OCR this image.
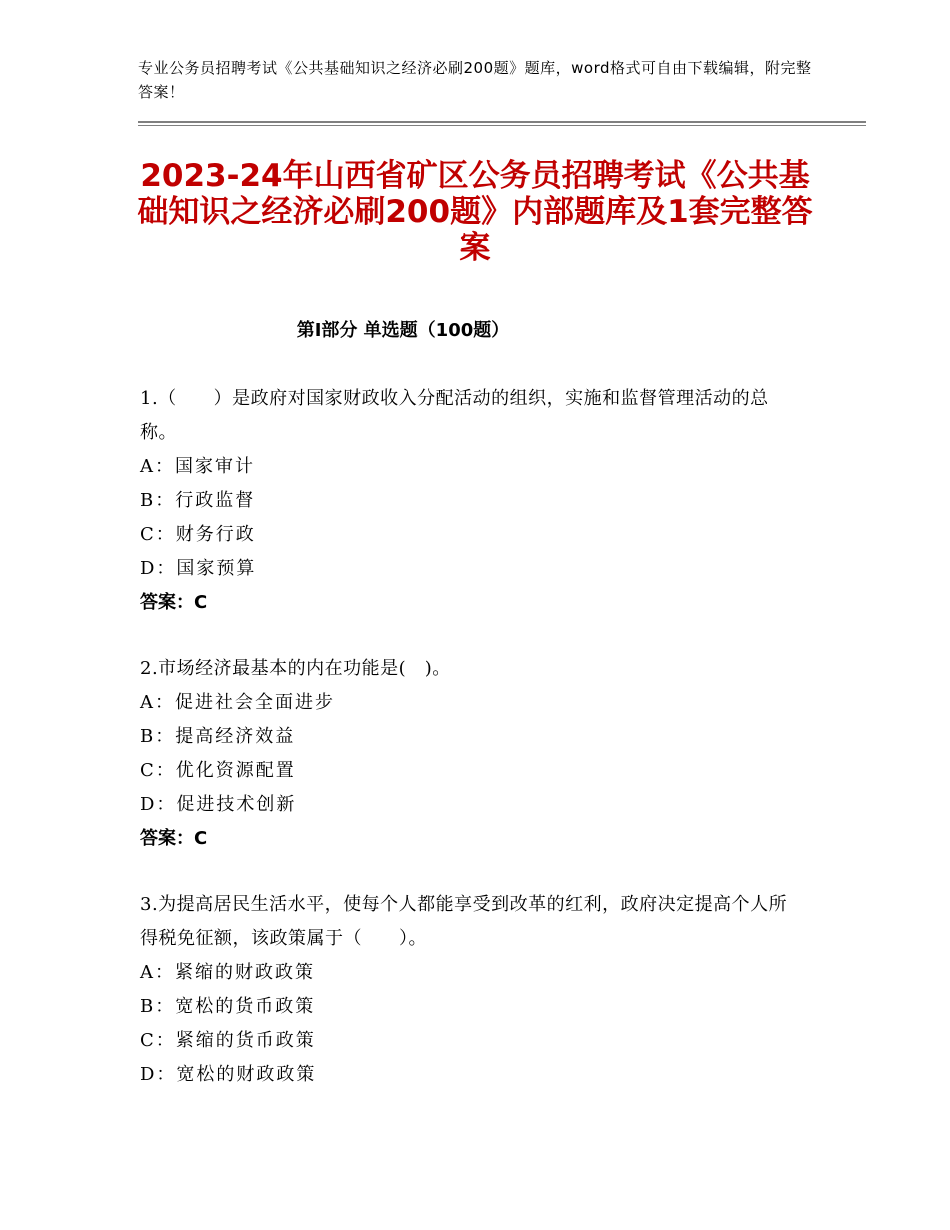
专业公务员招聘考试《公共基础知识之经济必刷200题》题库，word格式可自由下载编辑，附完整答案！
2023-24年山西省矿区公务员招聘考试《公共基础知识之经济必刷200题》内部题库及1套完整答案
第Ⅰ部分 单选题（100题）
1.（　　）是政府对国家财政收入分配活动的组织，实施和监督管理活动的总称。
A：国家审计
B：行政监督
C：财务行政
D：国家预算
答案：C
2.市场经济最基本的内在功能是(　)。
A：促进社会全面进步
B：提高经济效益
C：优化资源配置
D：促进技术创新
答案：C
3.为提高居民生活水平，使每个人都能享受到改革的红利，政府决定提高个人所得税免征额，该政策属于（　　）。
A：紧缩的财政政策
B：宽松的货币政策
C：紧缩的货币政策
D：宽松的财政政策
